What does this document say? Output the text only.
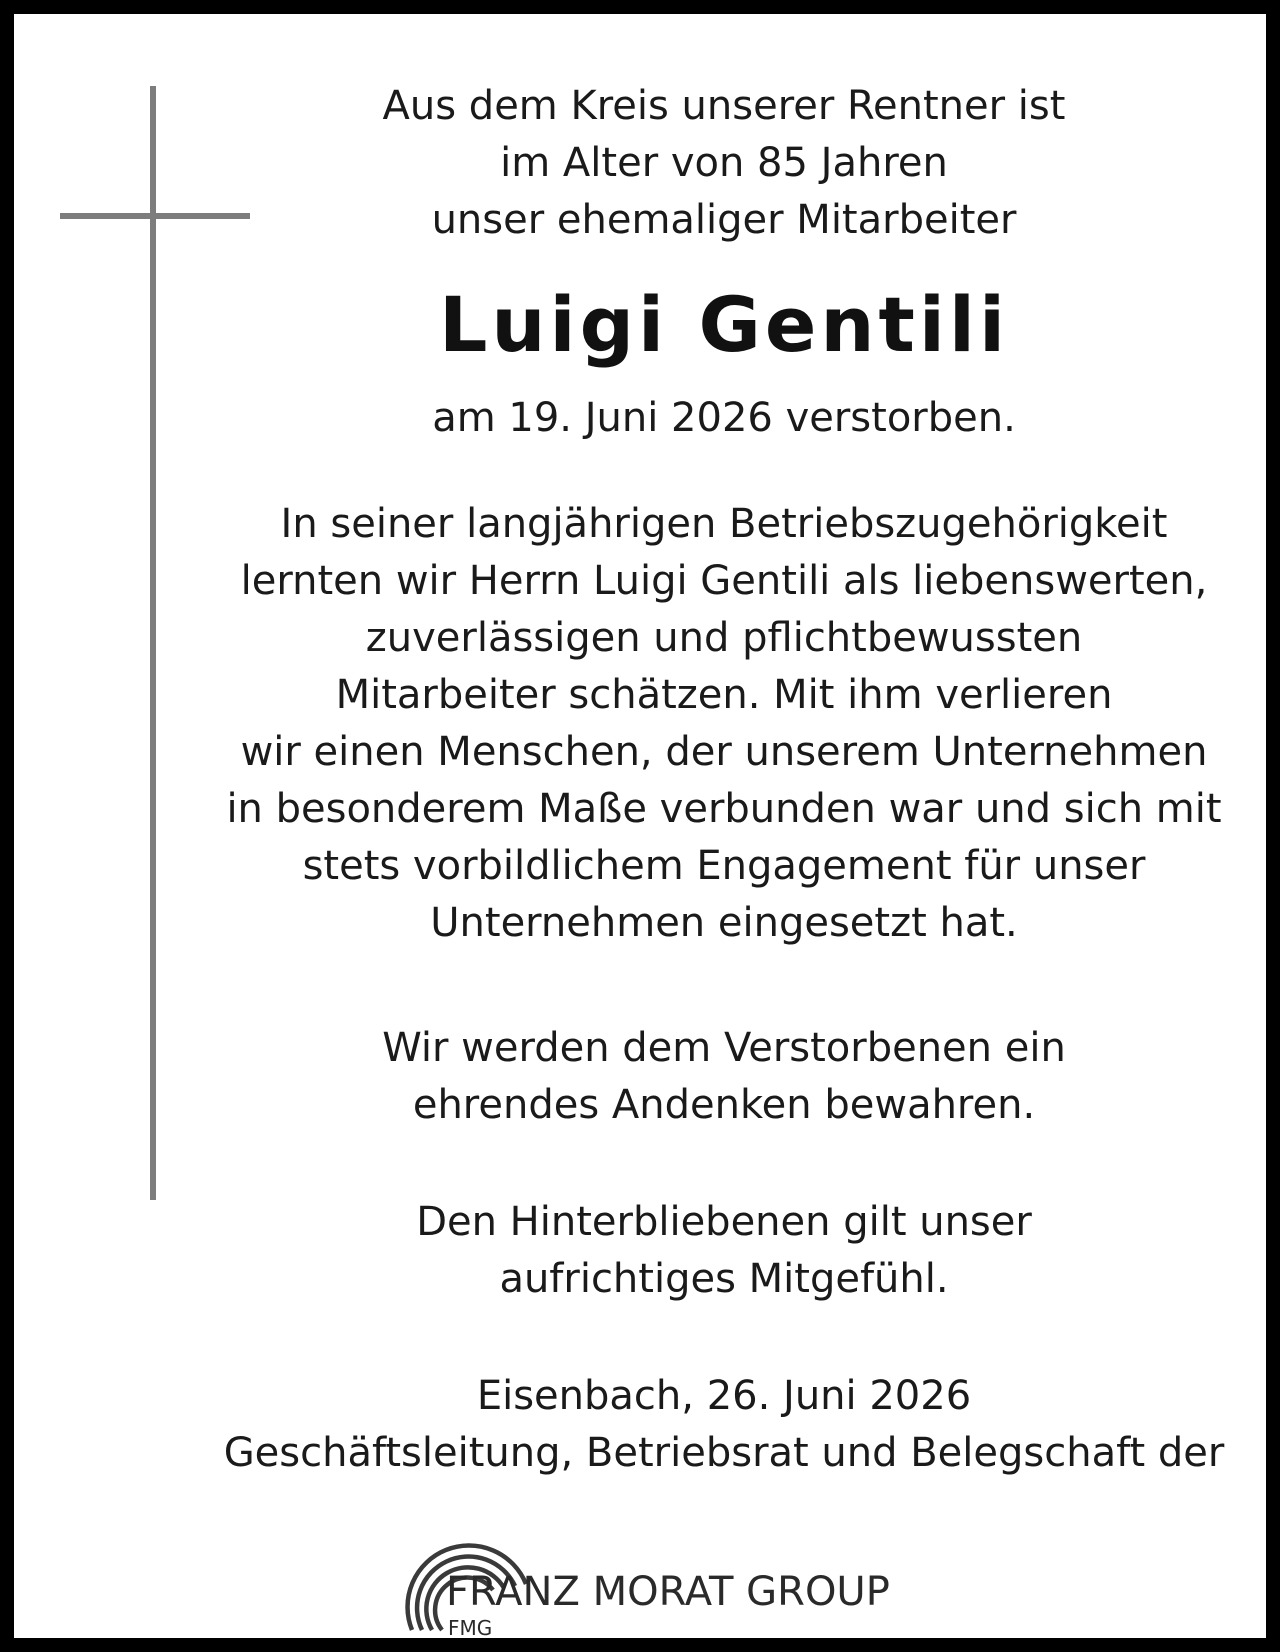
Aus dem Kreis unserer Rentner ist
im Alter von 85 Jahren
unser ehemaliger Mitarbeiter
Luigi Gentili
am 19. Juni 2026 verstorben.
In seiner langjährigen Betriebszugehörigkeit
lernten wir Herrn Luigi Gentili als liebenswerten,
zuverlässigen und pflichtbewussten
Mitarbeiter schätzen. Mit ihm verlieren
wir einen Menschen, der unserem Unternehmen
in besonderem Maße verbunden war und sich mit
stets vorbildlichem Engagement für unser
Unternehmen eingesetzt hat.
Wir werden dem Verstorbenen ein
ehrendes Andenken bewahren.
Den Hinterbliebenen gilt unser
aufrichtiges Mitgefühl.
Eisenbach, 26. Juni 2026
Geschäftsleitung, Betriebsrat und Belegschaft der
FRANZ MORAT GROUP
FMG
